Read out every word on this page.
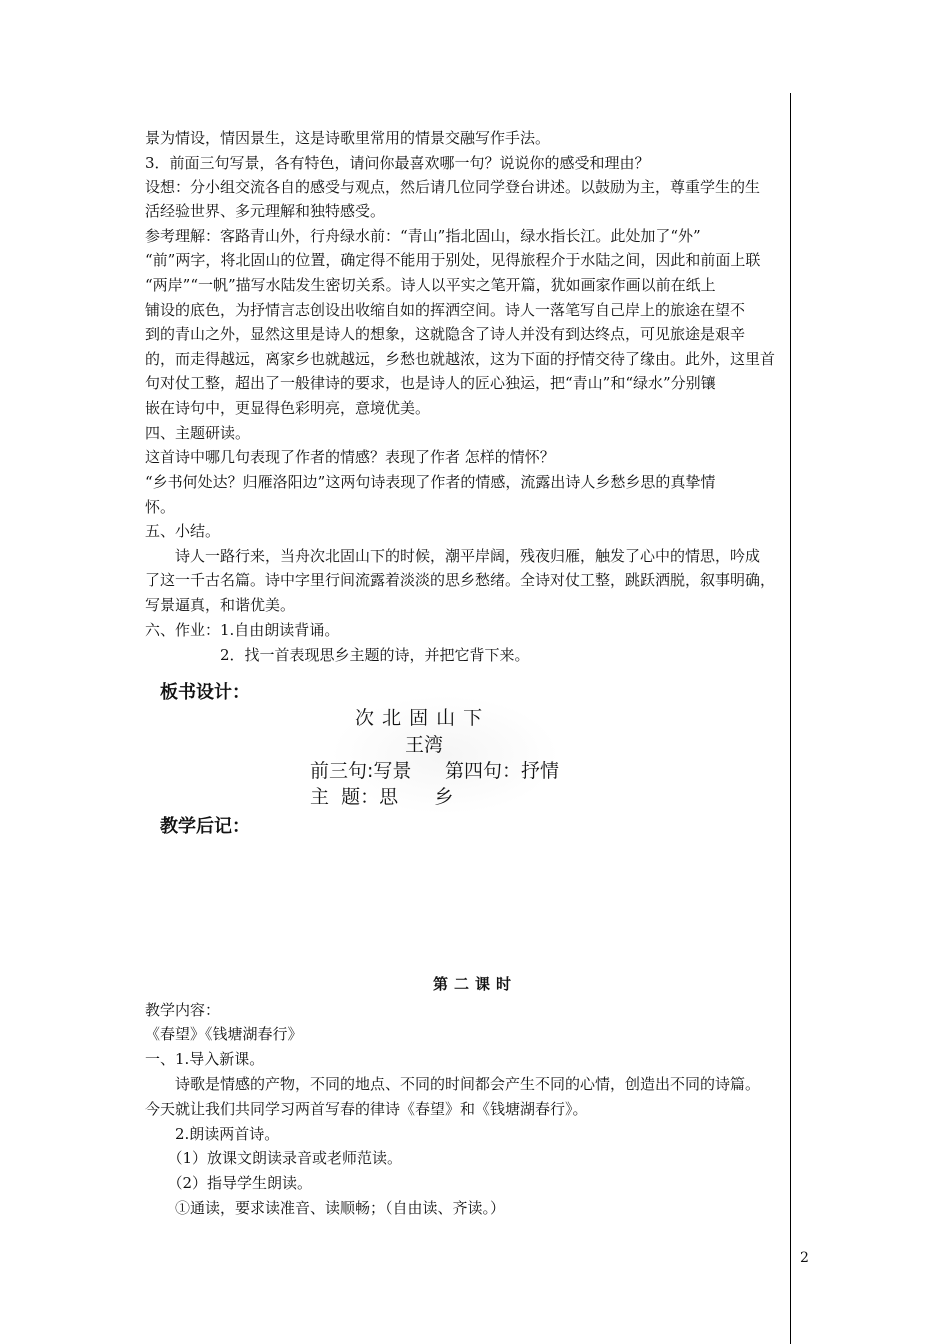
景为情设，情因景生，这是诗歌里常用的情景交融写作手法。
3．前面三句写景，各有特色，请问你最喜欢哪一句？说说你的感受和理由？
设想：分小组交流各自的感受与观点，然后请几位同学登台讲述。以鼓励为主，尊重学生的生
活经验世界、多元理解和独特感受。
参考理解：客路青山外，行舟绿水前：“青山”指北固山，绿水指长江。此处加了“外”
“前”两字，将北固山的位置，确定得不能用于别处，见得旅程介于水陆之间，因此和前面上联
“两岸”“一帆”描写水陆发生密切关系。诗人以平实之笔开篇，犹如画家作画以前在纸上
铺设的底色，为抒情言志创设出收缩自如的挥洒空间。诗人一落笔写自己岸上的旅途在望不
到的青山之外，显然这里是诗人的想象，这就隐含了诗人并没有到达终点，可见旅途是艰辛
的，而走得越远，离家乡也就越远，乡愁也就越浓，这为下面的抒情交待了缘由。此外，这里首
句对仗工整，超出了一般律诗的要求，也是诗人的匠心独运，把“青山”和“绿水”分别镶
嵌在诗句中，更显得色彩明亮，意境优美。
四、主题研读。
这首诗中哪几句表现了作者的情感？表现了作者 怎样的情怀？
“乡书何处达？归雁洛阳边”这两句诗表现了作者的情感，流露出诗人乡愁乡思的真挚情
怀。
五、小结。
　　诗人一路行来，当舟次北固山下的时候，潮平岸阔，残夜归雁，触发了心中的情思，吟成
了这一千古名篇。诗中字里行间流露着淡淡的思乡愁绪。全诗对仗工整，跳跃洒脱，叙事明确，
写景逼真，和谐优美。
六、作业：1.自由朗读背诵。
　　　　　2．找一首表现思乡主题的诗，并把它背下来。
板书设计：
次 北 固 山 下
王湾
前三句:写景 第四句：抒情
主  题：思      乡
教学后记：
第二课时
教学内容：
《春望》《钱塘湖春行》
一、1.导入新课。
　　诗歌是情感的产物，不同的地点、不同的时间都会产生不同的心情，创造出不同的诗篇。
今天就让我们共同学习两首写春的律诗《春望》和《钱塘湖春行》。
　　2.朗读两首诗。
　　（1）放课文朗读录音或老师范读。
　　（2）指导学生朗读。
　　①通读，要求读准音、读顺畅；（自由读、齐读。）
2
